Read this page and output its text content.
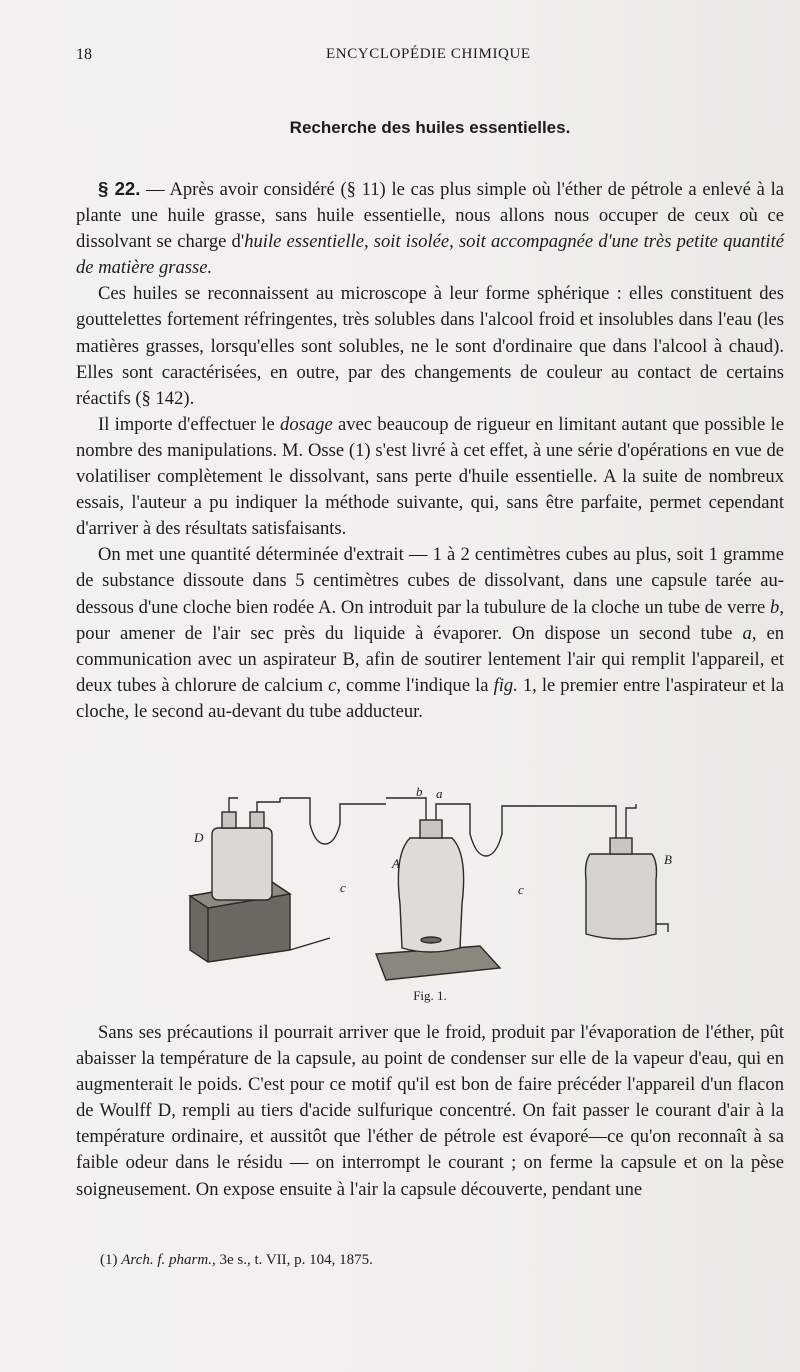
18	ENCYCLOPÉDIE CHIMIQUE
Recherche des huiles essentielles.

§ 22. — Après avoir considéré (§ 11) le cas plus simple où l'éther de pétrole a enlevé à la plante une huile grasse, sans huile essentielle, nous allons nous occuper de ceux où ce dissolvant se charge d'huile essentielle, soit isolée, soit accompagnée d'une très petite quantité de matière grasse.

Ces huiles se reconnaissent au microscope à leur forme sphérique : elles constituent des gouttelettes fortement réfringentes, très solubles dans l'alcool froid et insolubles dans l'eau (les matières grasses, lorsqu'elles sont solubles, ne le sont d'ordinaire que dans l'alcool à chaud). Elles sont caractérisées, en outre, par des changements de couleur au contact de certains réactifs (§ 142).

Il importe d'effectuer le dosage avec beaucoup de rigueur en limitant autant que possible le nombre des manipulations. M. Osse (1) s'est livré à cet effet, à une série d'opérations en vue de volatiliser complètement le dissolvant, sans perte d'huile essentielle. A la suite de nombreux essais, l'auteur a pu indiquer la méthode suivante, qui, sans être parfaite, permet cependant d'arriver à des résultats satisfaisants.

On met une quantité déterminée d'extrait — 1 à 2 centimètres cubes au plus, soit 1 gramme de substance dissoute dans 5 centimètres cubes de dissolvant, dans une capsule tarée au-dessous d'une cloche bien rodée A. On introduit par la tubulure de la cloche un tube de verre b, pour amener de l'air sec près du liquide à évaporer. On dispose un second tube a, en communication avec un aspirateur B, afin de soutirer lentement l'air qui remplit l'appareil, et deux tubes à chlorure de calcium c, comme l'indique la fig. 1, le premier entre l'aspirateur et la cloche, le second au-devant du tube adducteur.

D
c
A
b a
c
B
Fig. 1.

Sans ses précautions il pourrait arriver que le froid, produit par l'évaporation de l'éther, pût abaisser la température de la capsule, au point de condenser sur elle de la vapeur d'eau, qui en augmenterait le poids. C'est pour ce motif qu'il est bon de faire précéder l'appareil d'un flacon de Woulff D, rempli au tiers d'acide sulfurique concentré. On fait passer le courant d'air à la température ordinaire, et aussitôt que l'éther de pétrole est évaporé—ce qu'on reconnaît à sa faible odeur dans le résidu — on interrompt le courant ; on ferme la capsule et on la pèse soigneusement. On expose ensuite à l'air la capsule découverte, pendant une

(1) Arch. f. pharm., 3e s., t. VII, p. 104, 1875.
